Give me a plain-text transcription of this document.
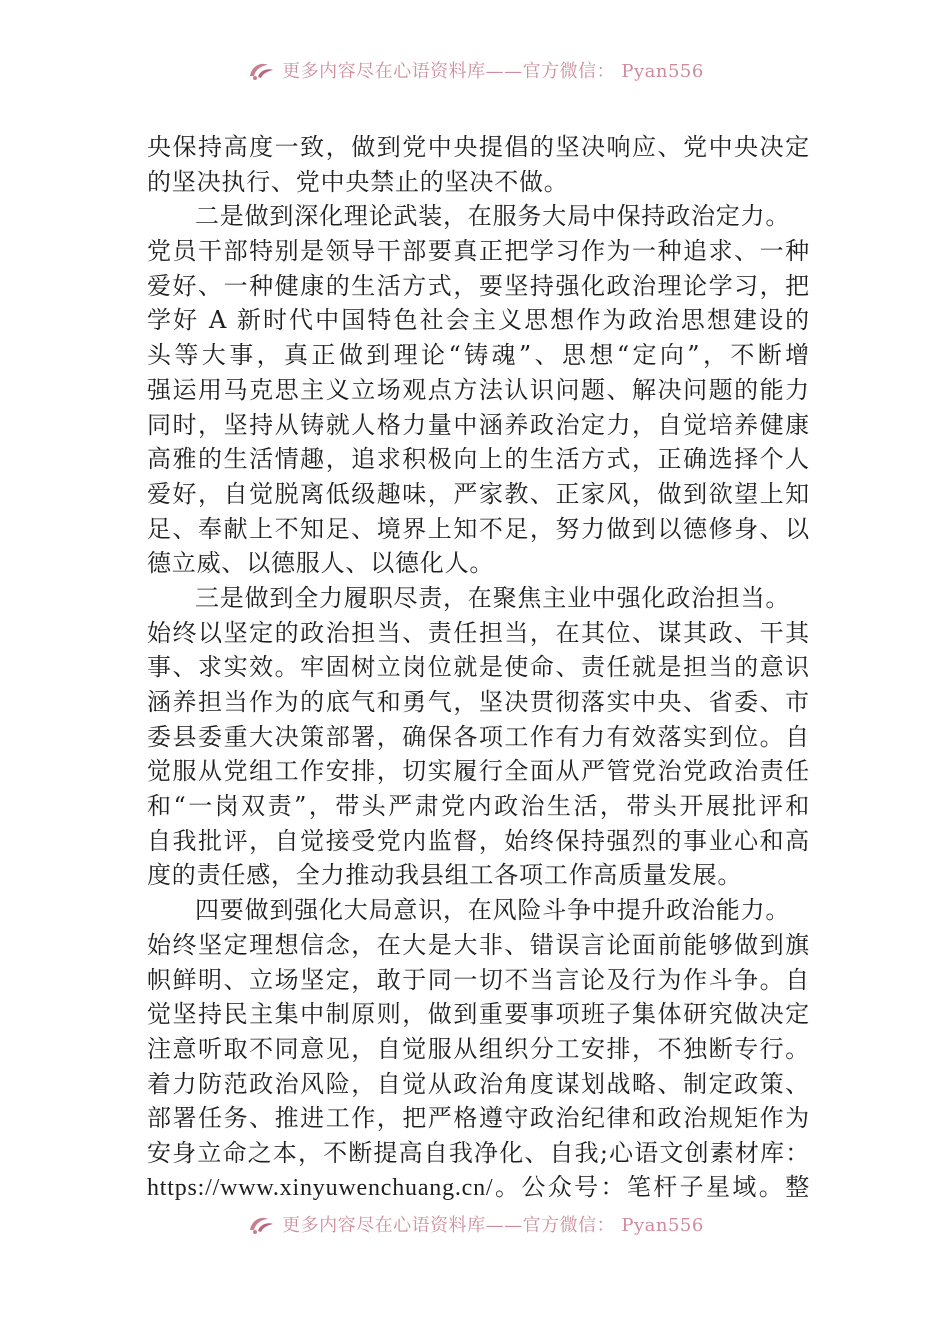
更多内容尽在心语资料库——官方微信： Pyan556
央保持高度一致，做到党中央提倡的坚决响应、党中央决定
的坚决执行、党中央禁止的坚决不做。
二是做到深化理论武装，在服务大局中保持政治定力。
党员干部特别是领导干部要真正把学习作为一种追求、一种
爱好、一种健康的生活方式，要坚持强化政治理论学习，把
学好 A 新时代中国特色社会主义思想作为政治思想建设的
头等大事，真正做到理论“铸魂”、思想“定向”，不断增
强运用马克思主义立场观点方法认识问题、解决问题的能力
同时，坚持从铸就人格力量中涵养政治定力，自觉培养健康
高雅的生活情趣，追求积极向上的生活方式，正确选择个人
爱好，自觉脱离低级趣味，严家教、正家风，做到欲望上知
足、奉献上不知足、境界上知不足，努力做到以德修身、以
德立威、以德服人、以德化人。
三是做到全力履职尽责，在聚焦主业中强化政治担当。
始终以坚定的政治担当、责任担当，在其位、谋其政、干其
事、求实效。牢固树立岗位就是使命、责任就是担当的意识
涵养担当作为的底气和勇气，坚决贯彻落实中央、省委、市
委县委重大决策部署，确保各项工作有力有效落实到位。自
觉服从党组工作安排，切实履行全面从严管党治党政治责任
和“一岗双责”，带头严肃党内政治生活，带头开展批评和
自我批评，自觉接受党内监督，始终保持强烈的事业心和高
度的责任感，全力推动我县组工各项工作高质量发展。
四要做到强化大局意识，在风险斗争中提升政治能力。
始终坚定理想信念，在大是大非、错误言论面前能够做到旗
帜鲜明、立场坚定，敢于同一切不当言论及行为作斗争。自
觉坚持民主集中制原则，做到重要事项班子集体研究做决定
注意听取不同意见，自觉服从组织分工安排，不独断专行。
着力防范政治风险，自觉从政治角度谋划战略、制定政策、
部署任务、推进工作，把严格遵守政治纪律和政治规矩作为
安身立命之本，不断提高自我净化、自我;心语文创素材库：
https://www.xinyuwenchuang.cn/。公众号：笔杆子星域。整
更多内容尽在心语资料库——官方微信： Pyan556
